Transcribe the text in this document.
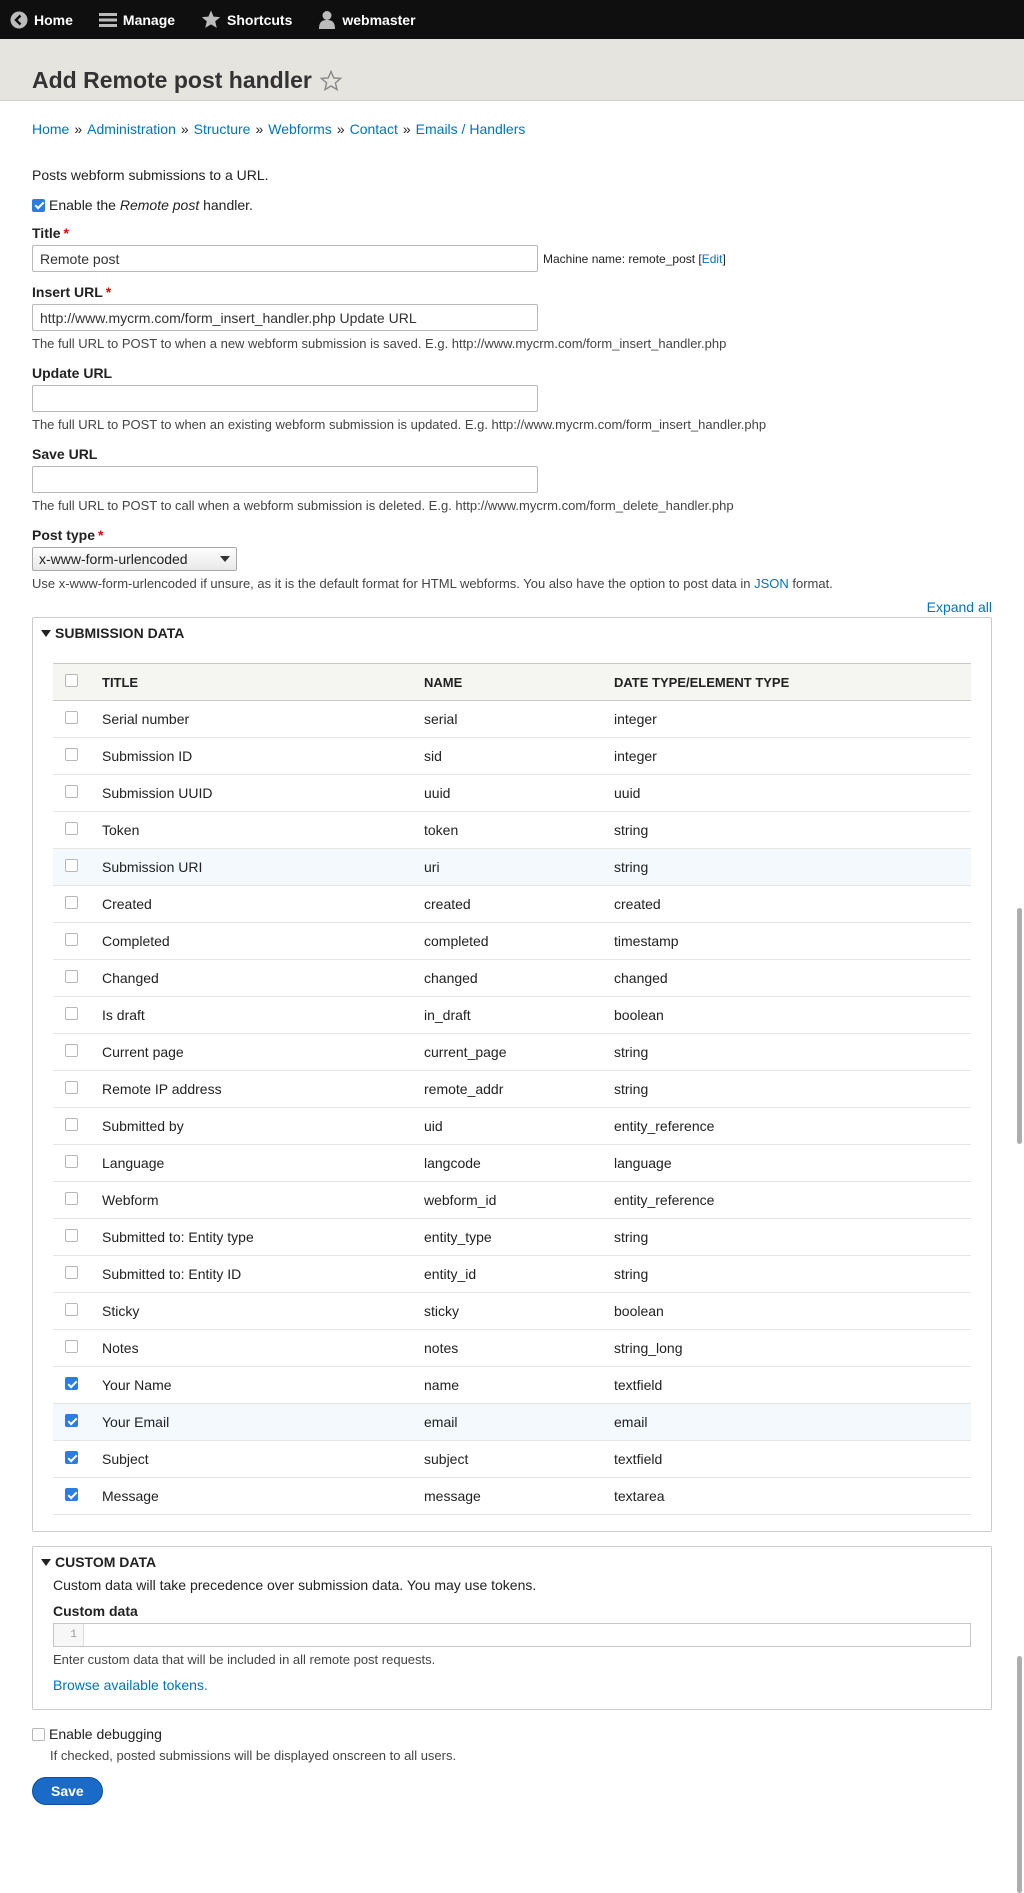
Home	Manage	Shortcuts	webmaster
Add Remote post handler
Home » Administration » Structure » Webforms » Contact » Emails / Handlers
Posts webform submissions to a URL.
Enable the Remote post handler.
Title *
Remote post
Machine name: remote_post [Edit]
Insert URL *
http://www.mycrm.com/form_insert_handler.php Update URL
The full URL to POST to when a new webform submission is saved. E.g. http://www.mycrm.com/form_insert_handler.php
Update URL
The full URL to POST to when an existing webform submission is updated. E.g. http://www.mycrm.com/form_insert_handler.php
Save URL
The full URL to POST to call when a webform submission is deleted. E.g. http://www.mycrm.com/form_delete_handler.php
Post type *
x-www-form-urlencoded
Use x-www-form-urlencoded if unsure, as it is the default format for HTML webforms. You also have the option to post data in JSON format.
Expand all
SUBMISSION DATA
	TITLE	NAME	DATE TYPE/ELEMENT TYPE
	Serial number	serial	integer
	Submission ID	sid	integer
	Submission UUID	uuid	uuid
	Token	token	string
	Submission URI	uri	string
	Created	created	created
	Completed	completed	timestamp
	Changed	changed	changed
	Is draft	in_draft	boolean
	Current page	current_page	string
	Remote IP address	remote_addr	string
	Submitted by	uid	entity_reference
	Language	langcode	language
	Webform	webform_id	entity_reference
	Submitted to: Entity type	entity_type	string
	Submitted to: Entity ID	entity_id	string
	Sticky	sticky	boolean
	Notes	notes	string_long
	Your Name	name	textfield
	Your Email	email	email
	Subject	subject	textfield
	Message	message	textarea
CUSTOM DATA
Custom data will take precedence over submission data. You may use tokens.
Custom data
1
Enter custom data that will be included in all remote post requests.
Browse available tokens.
Enable debugging
If checked, posted submissions will be displayed onscreen to all users.
Save
